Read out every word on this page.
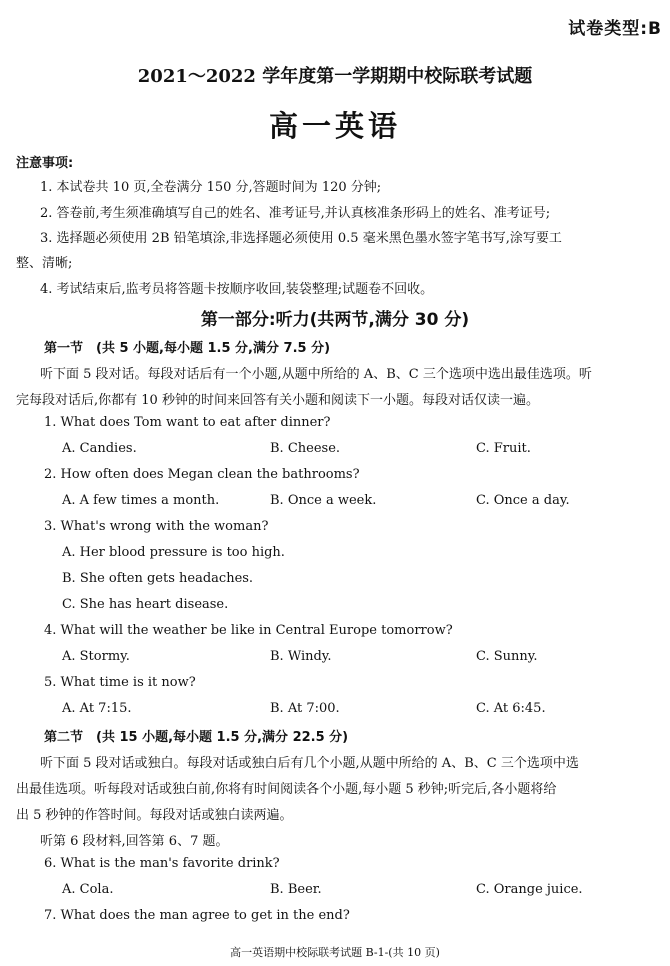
试卷类型:B
2021～2022 学年度第一学期期中校际联考试题
高一英语
注意事项:
1. 本试卷共 10 页,全卷满分 150 分,答题时间为 120 分钟;
2. 答卷前,考生须准确填写自己的姓名、准考证号,并认真核准条形码上的姓名、准考证号;
3. 选择题必须使用 2B 铅笔填涂,非选择题必须使用 0.5 毫米黑色墨水签字笔书写,涂写要工
整、清晰;
4. 考试结束后,监考员将答题卡按顺序收回,装袋整理;试题卷不回收。
第一部分:听力(共两节,满分 30 分)
第一节　(共 5 小题,每小题 1.5 分,满分 7.5 分)
听下面 5 段对话。每段对话后有一个小题,从题中所给的 A、B、C 三个选项中选出最佳选项。听
完每段对话后,你都有 10 秒钟的时间来回答有关小题和阅读下一小题。每段对话仅读一遍。
1. What does Tom want to eat after dinner?
A. Candies.	B. Cheese.	C. Fruit.
2. How often does Megan clean the bathrooms?
A. A few times a month.	B. Once a week.	C. Once a day.
3. What's wrong with the woman?
A. Her blood pressure is too high.
B. She often gets headaches.
C. She has heart disease.
4. What will the weather be like in Central Europe tomorrow?
A. Stormy.	B. Windy.	C. Sunny.
5. What time is it now?
A. At 7:15.	B. At 7:00.	C. At 6:45.
第二节　(共 15 小题,每小题 1.5 分,满分 22.5 分)
听下面 5 段对话或独白。每段对话或独白后有几个小题,从题中所给的 A、B、C 三个选项中选
出最佳选项。听每段对话或独白前,你将有时间阅读各个小题,每小题 5 秒钟;听完后,各小题将给
出 5 秒钟的作答时间。每段对话或独白读两遍。
听第 6 段材料,回答第 6、7 题。
6. What is the man's favorite drink?
A. Cola.	B. Beer.	C. Orange juice.
7. What does the man agree to get in the end?
高一英语期中校际联考试题 B-1-(共 10 页)
